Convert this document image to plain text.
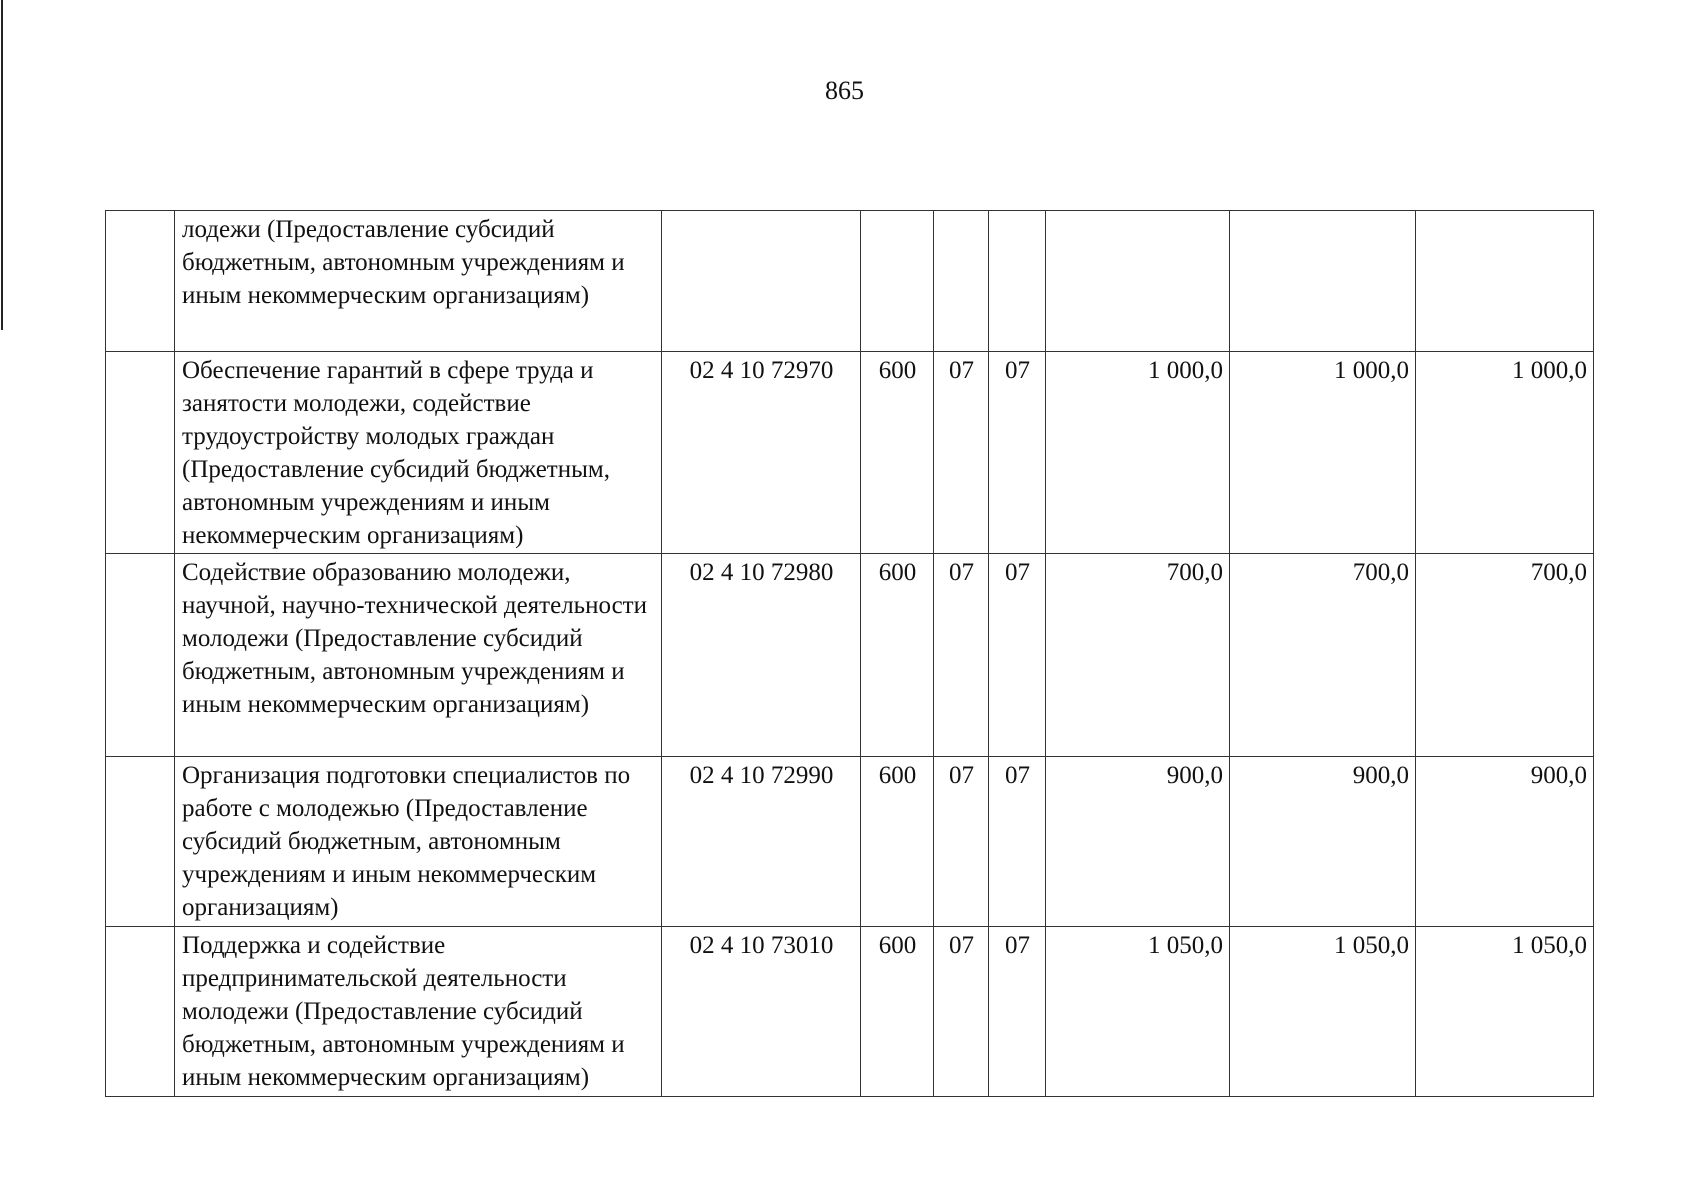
865
	лодежи (Предоставление субсидий бюджетным, автономным учреждениям и иным некоммерческим организациям)							
	Обеспечение гарантий в сфере труда и занятости молодежи, содействие трудоустройству молодых граждан (Предоставление субсидий бюджетным, автономным учреждениям и иным некоммерческим организациям)	02 4 10 72970	600	07	07	1 000,0	1 000,0	1 000,0
	Содействие образованию молодежи, научной, научно-технической деятельности молодежи (Предоставление субсидий бюджетным, автономным учреждениям и иным некоммерческим организациям)	02 4 10 72980	600	07	07	700,0	700,0	700,0
	Организация подготовки специалистов по работе с молодежью (Предоставление субсидий бюджетным, автономным учреждениям и иным некоммерческим организациям)	02 4 10 72990	600	07	07	900,0	900,0	900,0
	Поддержка и содействие предпринимательской деятельности молодежи (Предоставление субсидий бюджетным, автономным учреждениям и иным некоммерческим организациям)	02 4 10 73010	600	07	07	1 050,0	1 050,0	1 050,0
